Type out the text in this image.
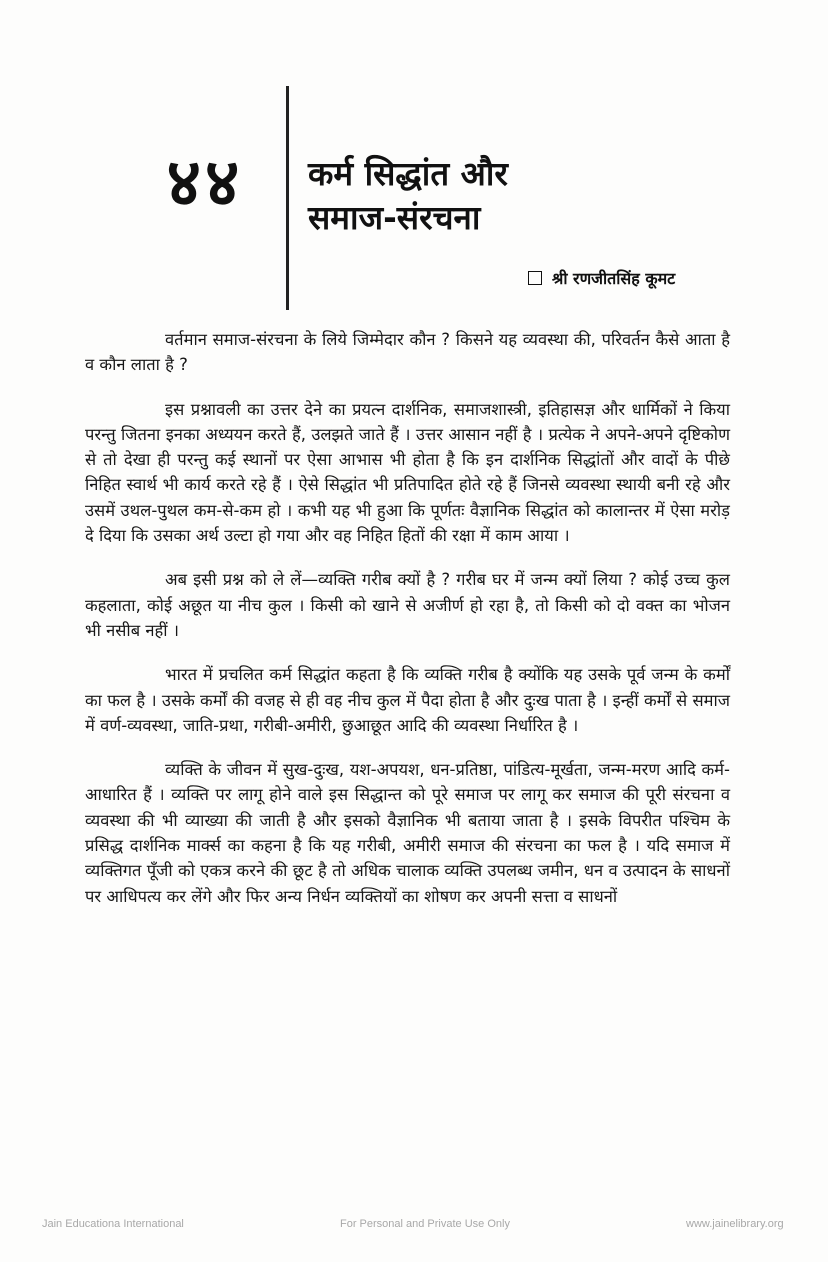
४४	कर्म सिद्धांत और
समाज-संरचना
श्री रणजीतसिंह कूमट

वर्तमान समाज-संरचना के लिये जिम्मेदार कौन ? किसने यह व्यवस्था की, परिवर्तन कैसे आता है व कौन लाता है ?

इस प्रश्नावली का उत्तर देने का प्रयत्न दार्शनिक, समाजशास्त्री, इतिहासज्ञ और धार्मिकों ने किया परन्तु जितना इनका अध्ययन करते हैं, उलझते जाते हैं । उत्तर आसान नहीं है । प्रत्येक ने अपने-अपने दृष्टिकोण से तो देखा ही परन्तु कई स्थानों पर ऐसा आभास भी होता है कि इन दार्शनिक सिद्धांतों और वादों के पीछे निहित स्वार्थ भी कार्य करते रहे हैं । ऐसे सिद्धांत भी प्रतिपादित होते रहे हैं जिनसे व्यवस्था स्थायी बनी रहे और उसमें उथल-पुथल कम-से-कम हो । कभी यह भी हुआ कि पूर्णतः वैज्ञानिक सिद्धांत को कालान्तर में ऐसा मरोड़ दे दिया कि उसका अर्थ उल्टा हो गया और वह निहित हितों की रक्षा में काम आया ।

अब इसी प्रश्न को ले लें—व्यक्ति गरीब क्यों है ? गरीब घर में जन्म क्यों लिया ? कोई उच्च कुल कहलाता, कोई अछूत या नीच कुल । किसी को खाने से अजीर्ण हो रहा है, तो किसी को दो वक्त का भोजन भी नसीब नहीं ।

भारत में प्रचलित कर्म सिद्धांत कहता है कि व्यक्ति गरीब है क्योंकि यह उसके पूर्व जन्म के कर्मों का फल है । उसके कर्मों की वजह से ही वह नीच कुल में पैदा होता है और दुःख पाता है । इन्हीं कर्मों से समाज में वर्ण-व्यवस्था, जाति-प्रथा, गरीबी-अमीरी, छुआछूत आदि की व्यवस्था निर्धारित है ।

व्यक्ति के जीवन में सुख-दुःख, यश-अपयश, धन-प्रतिष्ठा, पांडित्य-मूर्खता, जन्म-मरण आदि कर्म-आधारित हैं । व्यक्ति पर लागू होने वाले इस सिद्धान्त को पूरे समाज पर लागू कर समाज की पूरी संरचना व व्यवस्था की भी व्याख्या की जाती है और इसको वैज्ञानिक भी बताया जाता है । इसके विपरीत पश्चिम के प्रसिद्ध दार्शनिक मार्क्स का कहना है कि यह गरीबी, अमीरी समाज की संरचना का फल है । यदि समाज में व्यक्तिगत पूँजी को एकत्र करने की छूट है तो अधिक चालाक व्यक्ति उपलब्ध जमीन, धन व उत्पादन के साधनों पर आधिपत्य कर लेंगे और फिर अन्य निर्धन व्यक्तियों का शोषण कर अपनी सत्ता व साधनों

Jain Educationa International	For Personal and Private Use Only	www.jainelibrary.org
